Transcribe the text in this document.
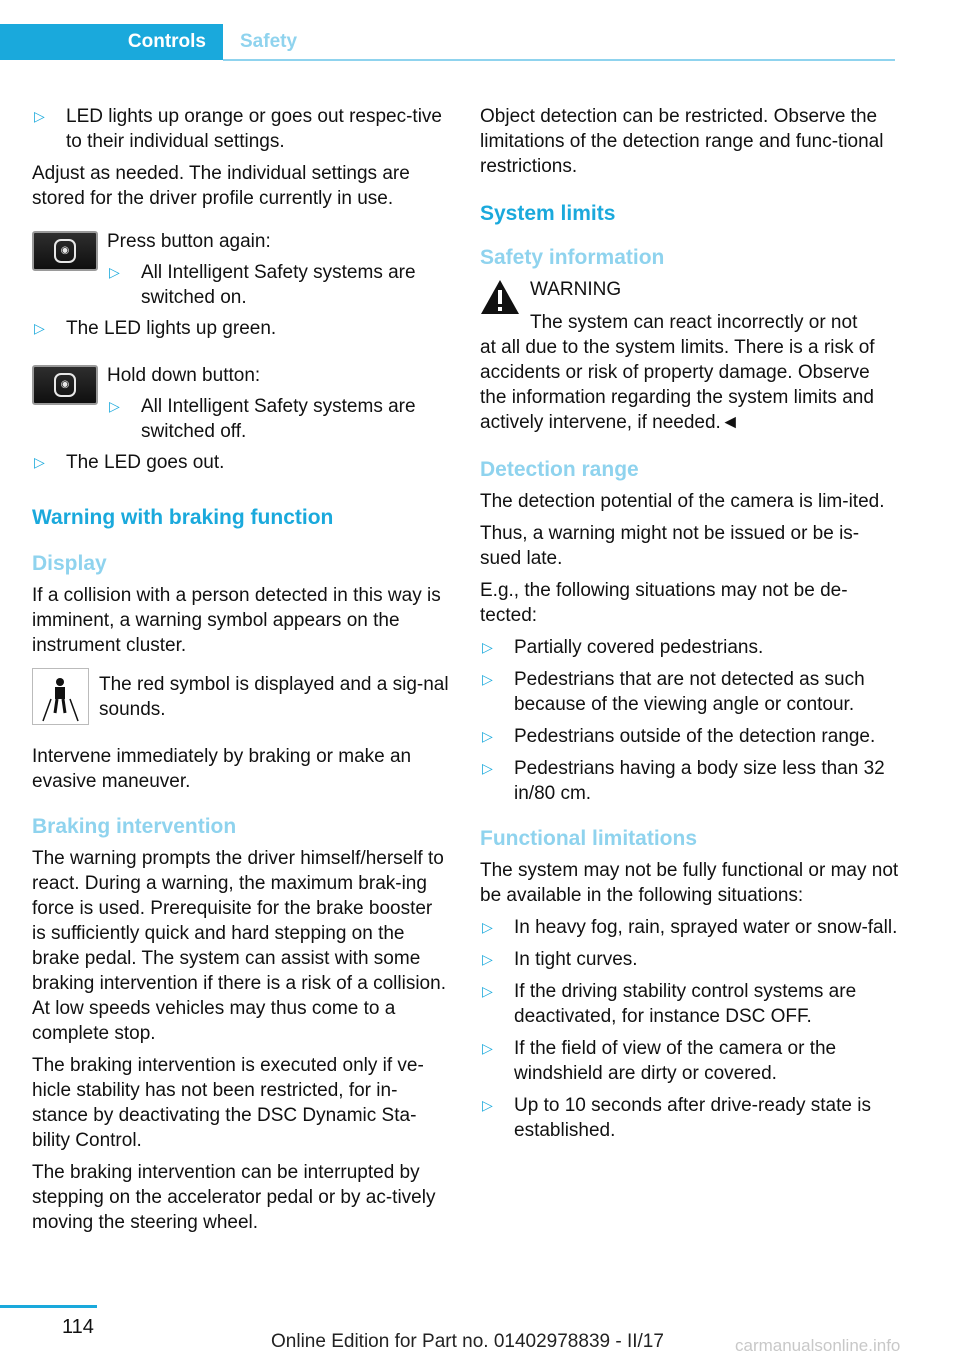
Controls	Safety
▷ LED lights up orange or goes out respec-tive to their individual settings.

Adjust as needed. The individual settings are stored for the driver profile currently in use.

◉	Press button again:
▷ All Intelligent Safety systems are switched on.
▷ The LED lights up green.
◉	Hold down button:
▷ All Intelligent Safety systems are switched off.
▷ The LED goes out.
Warning with braking function
Display

If a collision with a person detected in this way is imminent, a warning symbol appears on the instrument cluster.

The red symbol is displayed and a sig-nal sounds.

Intervene immediately by braking or make an evasive maneuver.

Braking intervention

The warning prompts the driver himself/herself to react. During a warning, the maximum brak-ing force is used. Prerequisite for the brake booster is sufficiently quick and hard stepping on the brake pedal. The system can assist with some braking intervention if there is a risk of a collision. At low speeds vehicles may thus come to a complete stop.

The braking intervention is executed only if ve-hicle stability has not been restricted, for in-stance by deactivating the DSC Dynamic Sta-bility Control.

The braking intervention can be interrupted by stepping on the accelerator pedal or by ac-tively moving the steering wheel.

Object detection can be restricted. Observe the limitations of the detection range and func-tional restrictions.

System limits
Safety information
WARNING
The system can react incorrectly or not
at all due to the system limits. There is a risk of accidents or risk of property damage. Observe the information regarding the system limits and actively intervene, if needed.◄
Detection range

The detection potential of the camera is lim-ited.

Thus, a warning might not be issued or be is-sued late.

E.g., the following situations may not be de-tected:

▷ Partially covered pedestrians.
▷ Pedestrians that are not detected as such because of the viewing angle or contour.
▷ Pedestrians outside of the detection range.
▷ Pedestrians having a body size less than 32 in/80 cm.
Functional limitations

The system may not be fully functional or may not be available in the following situations:

▷ In heavy fog, rain, sprayed water or snow-fall.
▷ In tight curves.
▷ If the driving stability control systems are deactivated, for instance DSC OFF.
▷ If the field of view of the camera or the windshield are dirty or covered.
▷ Up to 10 seconds after drive-ready state is established.
114
Online Edition for Part no. 01402978839 - II/17	carmanualsonline.info
